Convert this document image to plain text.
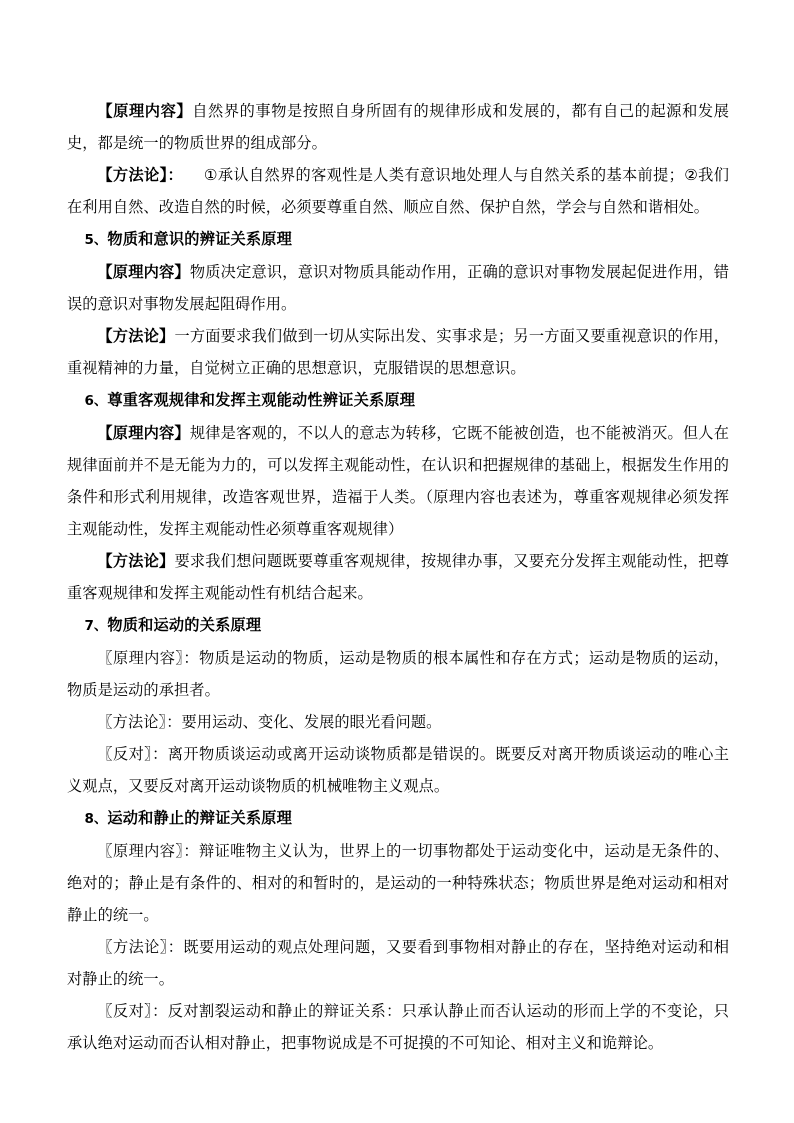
【原理内容】自然界的事物是按照自身所固有的规律形成和发展的，都有自己的起源和发展史，都是统一的物质世界的组成部分。

【方法论】： ①承认自然界的客观性是人类有意识地处理人与自然关系的基本前提；②我们在利用自然、改造自然的时候，必须要尊重自然、顺应自然、保护自然，学会与自然和谐相处。

5、物质和意识的辨证关系原理

【原理内容】物质决定意识，意识对物质具能动作用，正确的意识对事物发展起促进作用，错误的意识对事物发展起阻碍作用。

【方法论】一方面要求我们做到一切从实际出发、实事求是；另一方面又要重视意识的作用，重视精神的力量，自觉树立正确的思想意识，克服错误的思想意识。

6、尊重客观规律和发挥主观能动性辨证关系原理

【原理内容】规律是客观的，不以人的意志为转移，它既不能被创造，也不能被消灭。但人在规律面前并不是无能为力的，可以发挥主观能动性，在认识和把握规律的基础上，根据发生作用的条件和形式利用规律，改造客观世界，造福于人类。（原理内容也表述为，尊重客观规律必须发挥主观能动性，发挥主观能动性必须尊重客观规律）

【方法论】要求我们想问题既要尊重客观规律，按规律办事，又要充分发挥主观能动性，把尊重客观规律和发挥主观能动性有机结合起来。

7、物质和运动的关系原理

〖原理内容〗：物质是运动的物质，运动是物质的根本属性和存在方式；运动是物质的运动，物质是运动的承担者。

〖方法论〗：要用运动、变化、发展的眼光看问题。

〖反对〗：离开物质谈运动或离开运动谈物质都是错误的。既要反对离开物质谈运动的唯心主义观点，又要反对离开运动谈物质的机械唯物主义观点。

8、运动和静止的辩证关系原理

〖原理内容〗：辩证唯物主义认为，世界上的一切事物都处于运动变化中，运动是无条件的、绝对的；静止是有条件的、相对的和暂时的，是运动的一种特殊状态；物质世界是绝对运动和相对静止的统一。

〖方法论〗：既要用运动的观点处理问题，又要看到事物相对静止的存在，坚持绝对运动和相对静止的统一。

〖反对〗：反对割裂运动和静止的辩证关系：只承认静止而否认运动的形而上学的不变论，只承认绝对运动而否认相对静止，把事物说成是不可捉摸的不可知论、相对主义和诡辩论。
